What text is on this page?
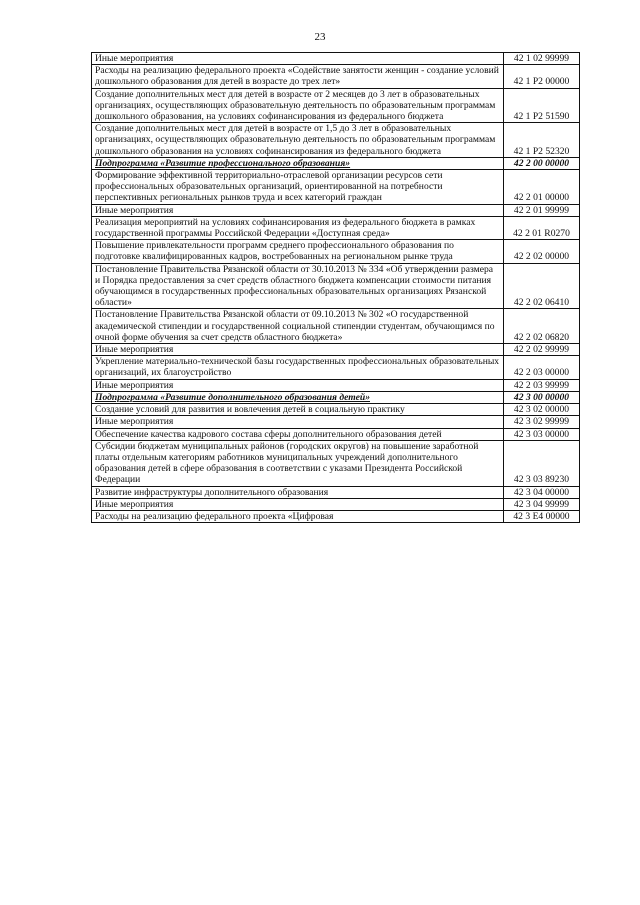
23
Иные мероприятия	42 1 02 99999
Расходы на реализацию федерального проекта «Содействие занятости женщин - создание условий дошкольного образования для детей в возрасте до трех лет»	42 1 P2 00000
Создание дополнительных мест для детей в возрасте от 2 месяцев до 3 лет в образовательных организациях, осуществляющих образовательную деятельность по образовательным программам дошкольного образования, на условиях софинансирования из федерального бюджета	42 1 P2 51590
Создание дополнительных мест для детей в возрасте от 1,5 до 3 лет в образовательных организациях, осуществляющих образовательную деятельность по образовательным программам дошкольного образования на условиях софинансирования из федерального бюджета	42 1 P2 52320
Подпрограмма «Развитие профессионального образования»	42 2 00 00000
Формирование эффективной территориально-отраслевой организации ресурсов сети профессиональных образовательных организаций, ориентированной на потребности перспективных региональных рынков труда и всех категорий граждан	42 2 01 00000
Иные мероприятия	42 2 01 99999
Реализация мероприятий на условиях софинансирования из федерального бюджета в рамках государственной программы Российской Федерации «Доступная среда»	42 2 01 R0270
Повышение привлекательности программ среднего профессионального образования по подготовке квалифицированных кадров, востребованных на региональном рынке труда	42 2 02 00000
Постановление Правительства Рязанской области от 30.10.2013 № 334 «Об утверждении размера и Порядка предоставления за счет средств областного бюджета компенсации стоимости питания обучающимся в государственных профессиональных образовательных организациях Рязанской области»	42 2 02 06410
Постановление Правительства Рязанской области от 09.10.2013 № 302 «О государственной академической стипендии и государственной социальной стипендии студентам, обучающимся по очной форме обучения за счет средств областного бюджета»	42 2 02 06820
Иные мероприятия	42 2 02 99999
Укрепление материально-технической базы государственных профессиональных образовательных организаций, их благоустройство	42 2 03 00000
Иные мероприятия	42 2 03 99999
Подпрограмма «Развитие дополнительного образования детей»	42 3 00 00000
Создание условий для развития и вовлечения детей в социальную практику	42 3 02 00000
Иные мероприятия	42 3 02 99999
Обеспечение качества кадрового состава сферы дополнительного образования детей	42 3 03 00000
Субсидии бюджетам муниципальных районов (городских округов) на повышение заработной платы отдельным категориям работников муниципальных учреждений дополнительного образования детей в сфере образования в соответствии с указами Президента Российской Федерации	42 3 03 89230
Развитие инфраструктуры дополнительного образования	42 3 04 00000
Иные мероприятия	42 3 04 99999
Расходы на реализацию федерального проекта «Цифровая	42 3 E4 00000
